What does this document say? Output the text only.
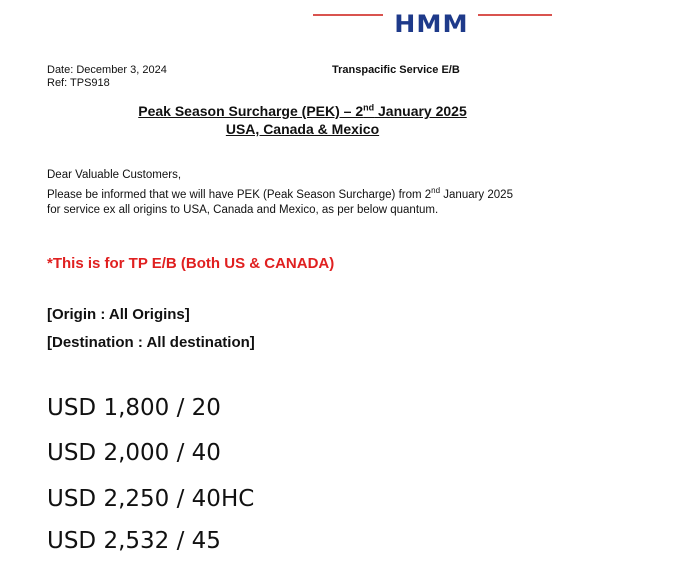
HMM
Date: December 3, 2024
Ref: TPS918
Transpacific Service E/B
Peak Season Surcharge (PEK) – 2nd January 2025
USA, Canada & Mexico
Dear Valuable Customers,
Please be informed that we will have PEK (Peak Season Surcharge) from 2nd January 2025
for service ex all origins to USA, Canada and Mexico, as per below quantum.
*This is for TP E/B (Both US & CANADA)
[Origin : All Origins]
[Destination : All destination]
USD 1,800 / 20
USD 2,000 / 40
USD 2,250 / 40HC
USD 2,532 / 45
